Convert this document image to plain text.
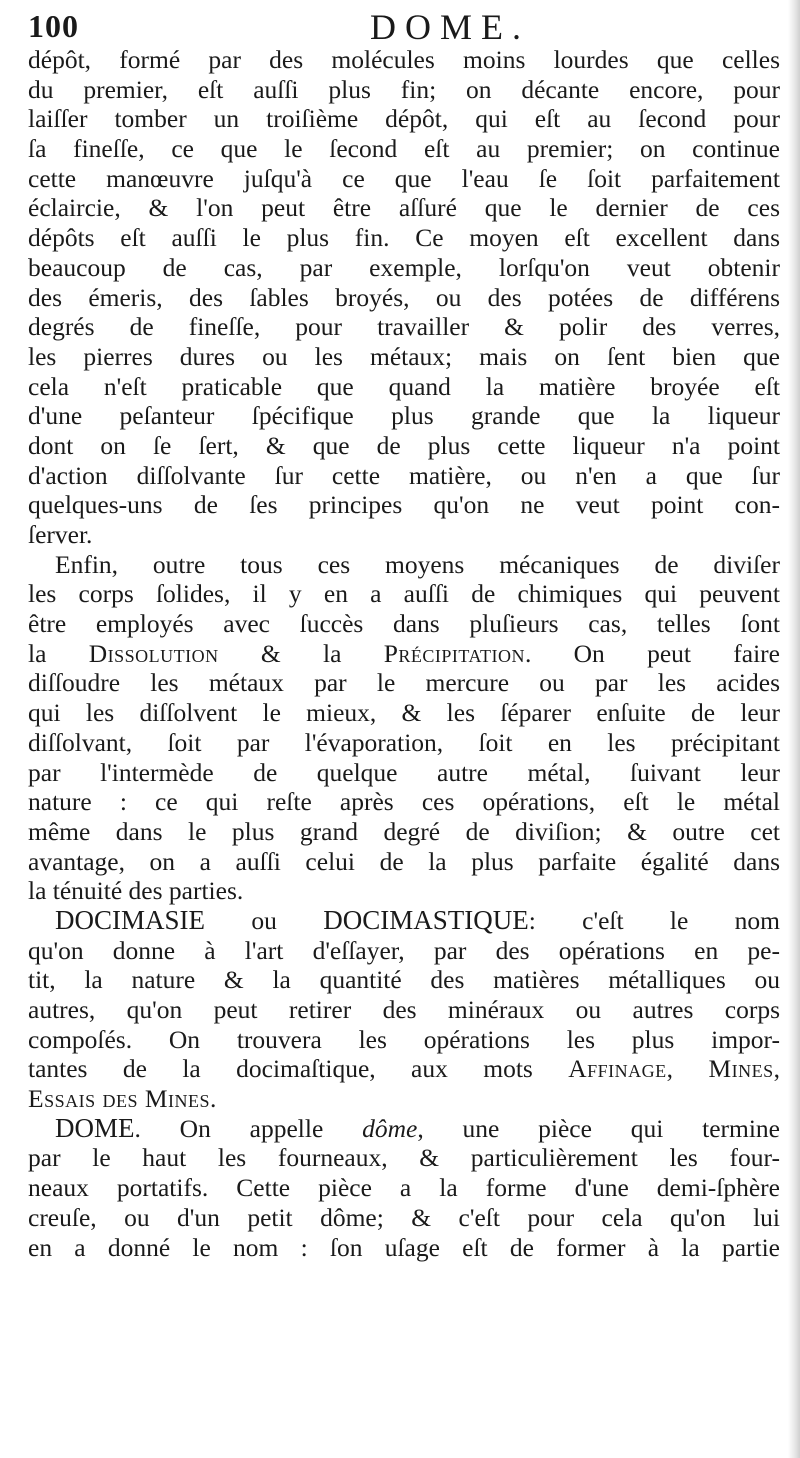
100	DOME.
dépôt, formé par des molécules moins lourdes que celles
du premier, eſt auſſi plus fin; on décante encore, pour
laiſſer tomber un troiſième dépôt, qui eſt au ſecond pour
ſa fineſſe, ce que le ſecond eſt au premier; on continue
cette manœuvre juſqu'à ce que l'eau ſe ſoit parfaitement
éclaircie, & l'on peut être aſſuré que le dernier de ces
dépôts eſt auſſi le plus fin. Ce moyen eſt excellent dans
beaucoup de cas, par exemple, lorſqu'on veut obtenir
des émeris, des ſables broyés, ou des potées de différens
degrés de fineſſe, pour travailler & polir des verres,
les pierres dures ou les métaux; mais on ſent bien que
cela n'eſt praticable que quand la matière broyée eſt
d'une peſanteur ſpécifique plus grande que la liqueur
dont on ſe ſert, & que de plus cette liqueur n'a point
d'action diſſolvante ſur cette matière, ou n'en a que ſur
quelques-uns de ſes principes qu'on ne veut point con-
ſerver.
Enfin, outre tous ces moyens mécaniques de diviſer
les corps ſolides, il y en a auſſi de chimiques qui peuvent
être employés avec ſuccès dans pluſieurs cas, telles ſont
la Dissolution & la Précipitation. On peut faire
diſſoudre les métaux par le mercure ou par les acides
qui les diſſolvent le mieux, & les ſéparer enſuite de leur
diſſolvant, ſoit par l'évaporation, ſoit en les précipitant
par l'intermède de quelque autre métal, ſuivant leur
nature : ce qui reſte après ces opérations, eſt le métal
même dans le plus grand degré de diviſion; & outre cet
avantage, on a auſſi celui de la plus parfaite égalité dans
la ténuité des parties.
DOCIMASIE ou DOCIMASTIQUE: c'eſt le nom
qu'on donne à l'art d'eſſayer, par des opérations en pe-
tit, la nature & la quantité des matières métalliques ou
autres, qu'on peut retirer des minéraux ou autres corps
compoſés. On trouvera les opérations les plus impor-
tantes de la docimaſtique, aux mots Affinage, Mines,
Essais des Mines.
DOME. On appelle dôme, une pièce qui termine
par le haut les fourneaux, & particulièrement les four-
neaux portatifs. Cette pièce a la forme d'une demi-ſphère
creuſe, ou d'un petit dôme; & c'eſt pour cela qu'on lui
en a donné le nom : ſon uſage eſt de former à la partie
